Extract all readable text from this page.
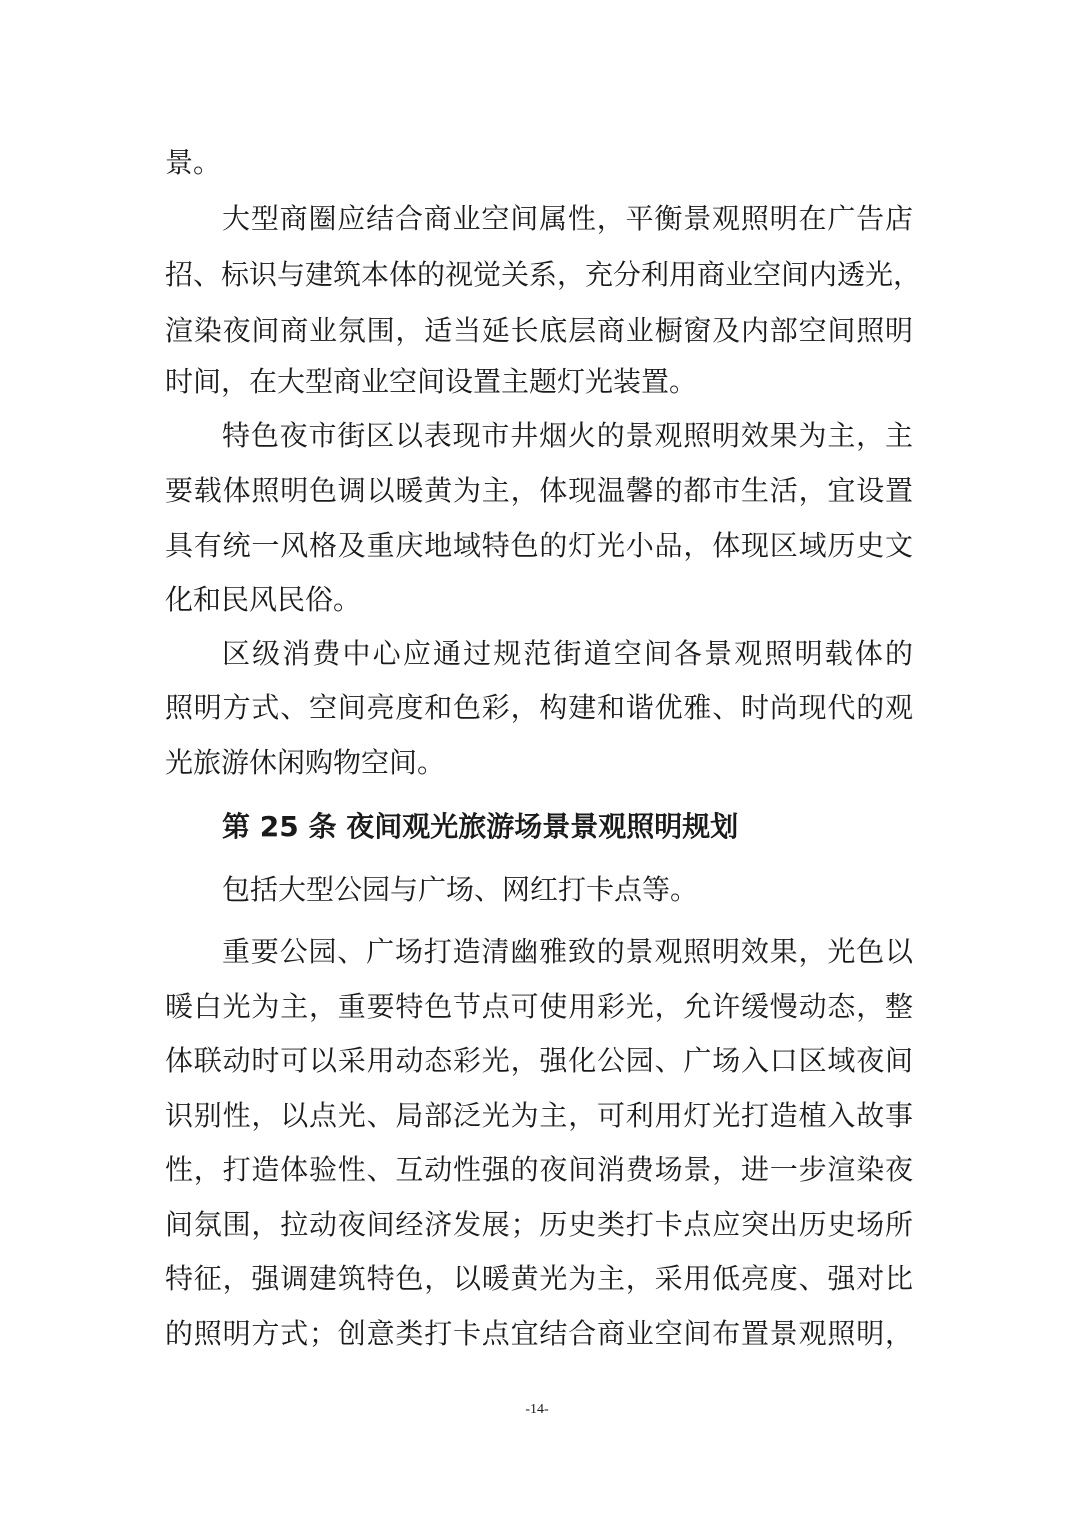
景。
大型商圈应结合商业空间属性，平衡景观照明在广告店
招、标识与建筑本体的视觉关系，充分利用商业空间内透光，
渲染夜间商业氛围，适当延长底层商业橱窗及内部空间照明
时间，在大型商业空间设置主题灯光装置。
特色夜市街区以表现市井烟火的景观照明效果为主，主
要载体照明色调以暖黄为主，体现温馨的都市生活，宜设置
具有统一风格及重庆地域特色的灯光小品，体现区域历史文
化和民风民俗。
区级消费中心应通过规范街道空间各景观照明载体的
照明方式、空间亮度和色彩，构建和谐优雅、时尚现代的观
光旅游休闲购物空间。
第 25 条 夜间观光旅游场景景观照明规划
包括大型公园与广场、网红打卡点等。
重要公园、广场打造清幽雅致的景观照明效果，光色以
暖白光为主，重要特色节点可使用彩光，允许缓慢动态，整
体联动时可以采用动态彩光，强化公园、广场入口区域夜间
识别性，以点光、局部泛光为主，可利用灯光打造植入故事
性，打造体验性、互动性强的夜间消费场景，进一步渲染夜
间氛围，拉动夜间经济发展；历史类打卡点应突出历史场所
特征，强调建筑特色，以暖黄光为主，采用低亮度、强对比
的照明方式；创意类打卡点宜结合商业空间布置景观照明，
-14-
